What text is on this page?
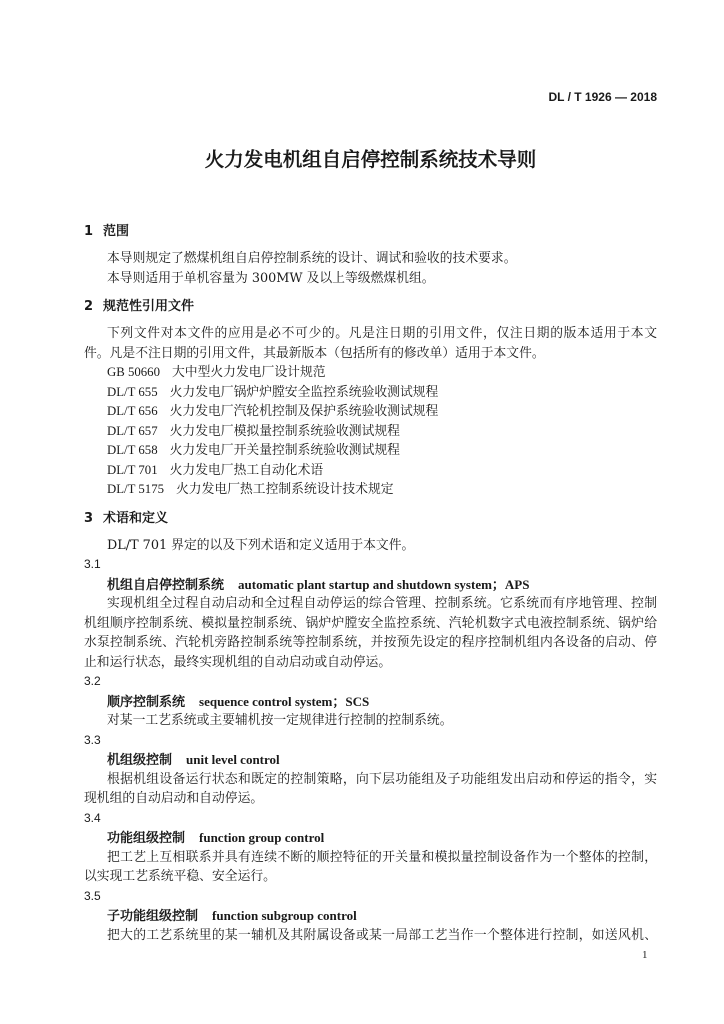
DL / T 1926 — 2018
火力发电机组自启停控制系统技术导则
1 范围
本导则规定了燃煤机组自启停控制系统的设计、调试和验收的技术要求。
本导则适用于单机容量为 300MW 及以上等级燃煤机组。
2 规范性引用文件
下列文件对本文件的应用是必不可少的。凡是注日期的引用文件，仅注日期的版本适用于本文
件。凡是不注日期的引用文件，其最新版本（包括所有的修改单）适用于本文件。
GB 50660 大中型火力发电厂设计规范
DL/T 655 火力发电厂锅炉炉膛安全监控系统验收测试规程
DL/T 656 火力发电厂汽轮机控制及保护系统验收测试规程
DL/T 657 火力发电厂模拟量控制系统验收测试规程
DL/T 658 火力发电厂开关量控制系统验收测试规程
DL/T 701 火力发电厂热工自动化术语
DL/T 5175 火力发电厂热工控制系统设计技术规定
3 术语和定义
DL/T 701 界定的以及下列术语和定义适用于本文件。
3.1
机组自启停控制系统 automatic plant startup and shutdown system；APS
实现机组全过程自动启动和全过程自动停运的综合管理、控制系统。它系统而有序地管理、控制
机组顺序控制系统、模拟量控制系统、锅炉炉膛安全监控系统、汽轮机数字式电液控制系统、锅炉给
水泵控制系统、汽轮机旁路控制系统等控制系统，并按预先设定的程序控制机组内各设备的启动、停
止和运行状态，最终实现机组的自动启动或自动停运。
3.2
顺序控制系统 sequence control system；SCS
对某一工艺系统或主要辅机按一定规律进行控制的控制系统。
3.3
机组级控制 unit level control
根据机组设备运行状态和既定的控制策略，向下层功能组及子功能组发出启动和停运的指令，实
现机组的自动启动和自动停运。
3.4
功能组级控制 function group control
把工艺上互相联系并具有连续不断的顺控特征的开关量和模拟量控制设备作为一个整体的控制，
以实现工艺系统平稳、安全运行。
3.5
子功能组级控制 function subgroup control
把大的工艺系统里的某一辅机及其附属设备或某一局部工艺当作一个整体进行控制，如送风机、
1
